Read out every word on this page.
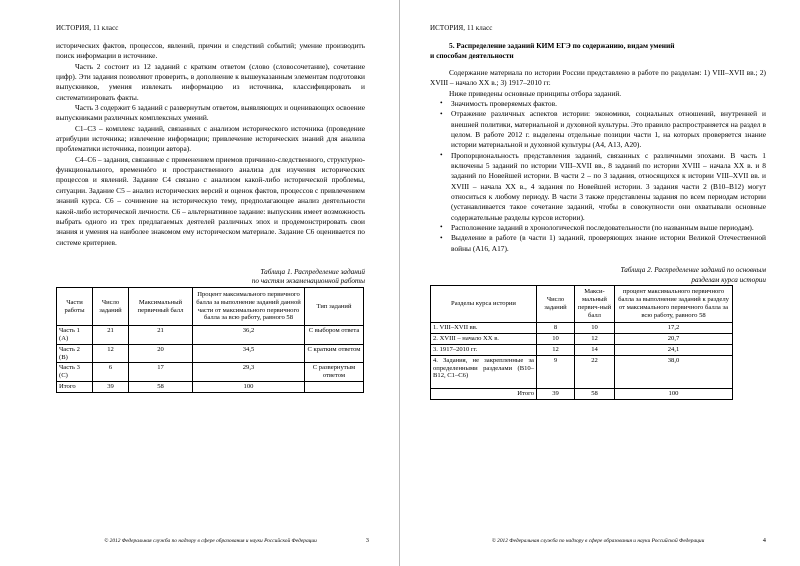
ИСТОРИЯ, 11 класс

исторических фактов, процессов, явлений, причин и следствий событий; умение производить поиск информации в источнике.

Часть 2 состоит из 12 заданий с кратким ответом (слово (словосочетание), сочетание цифр). Эти задания позволяют проверить, в дополнение к вышеуказанным элементам подготовки выпускников, умения извлекать информацию из источника, классифицировать и систематизировать факты.

Часть 3 содержит 6 заданий с развернутым ответом, выявляющих и оценивающих освоение выпускниками различных комплексных умений.

С1–С3 – комплекс заданий, связанных с анализом исторического источника (проведение атрибуции источника; извлечение информации; привлечение исторических знаний для анализа проблематики источника, позиции автора).

С4–С6 – задания, связанные с применением приемов причинно-следственного, структурно-функционального, временнóго и пространственного анализа для изучения исторических процессов и явлений. Задание С4 связано с анализом какой-либо исторической проблемы, ситуации. Задание С5 – анализ исторических версий и оценок фактов, процессов с привлечением знаний курса. С6 – сочинение на историческую тему, предполагающее анализ деятельности какой-либо исторической личности. С6 – альтернативное задание: выпускник имеет возможность выбрать одного из трех предлагаемых деятелей различных эпох и продемонстрировать свои знания и умения на наиболее знакомом ему историческом материале. Задание С6 оценивается по системе критериев.

Таблица 1. Распределение заданий
по частям экзаменационной работы
Части работы	Число заданий	Максимальный первичный балл	Процент максимального первичного балла за выполнение заданий данной части от максимального первичного балла за всю работу, равного 58	Тип заданий
Часть 1 (А)	21	21	36,2	С выбором ответа
Часть 2 (В)	12	20	34,5	С кратким ответом
Часть 3 (С)	6	17	29,3	С развернутым ответом
Итого	39	58	100	
© 2012 Федеральная служба по надзору в сфере образования и науки Российской Федерации	3
ИСТОРИЯ, 11 класс
5. Распределение заданий КИМ ЕГЭ по содержанию, видам умений
и способам деятельности

Содержание материала по истории России представлено в работе по разделам: 1) VIII–XVII вв.; 2) XVIII – начало XX в.; 3) 1917–2010 гг.

Ниже приведены основные принципы отбора заданий.

• Значимость проверяемых фактов.
• Отражение различных аспектов истории: экономики, социальных отношений, внутренней и внешней политики, материальной и духовной культуры. Это правило распространяется на раздел в целом. В работе 2012 г. выделены отдельные позиции части 1, на которых проверяется знание истории материальной и духовной культуры (А4, А13, А20).
• Пропорциональность представления заданий, связанных с различными эпохами. В часть 1 включены 5 заданий по истории VIII–XVII вв., 8 заданий по истории XVIII – начала XX в. и 8 заданий по Новейшей истории. В части 2 – по 3 задания, относящихся к истории VIII–XVII вв. и XVIII – начала XX в., 4 задания по Новейшей истории. 3 задания части 2 (В10–В12) могут относиться к любому периоду. В части 3 также представлены задания по всем периодам истории (устанавливается такое сочетание заданий, чтобы в совокупности они охватывали основные содержательные разделы курсов истории).
• Расположение заданий в хронологической последовательности (по названным выше периодам).
• Выделение в работе (в части 1) заданий, проверяющих знание истории Великой Отечественной войны (А16, А17).
Таблица 2. Распределение заданий по основным
разделам курса истории
Разделы курса истории	Число заданий	Макси-мальный первич-ный балл	процент максимального первичного балла за выполнение заданий к разделу от максимального первичного балла за всю работу, равного 58
1. VIII–XVII вв.	8	10	17,2
2. XVIII – начало XX в.	10	12	20,7
3. 1917–2010 гг.	12	14	24,1
4. Задания, не закрепленные за определенными разделами (В10–В12, С1–С6)	9	22	38,0
Итого	39	58	100
© 2012 Федеральная служба по надзору в сфере образования и науки Российской Федерации	4
